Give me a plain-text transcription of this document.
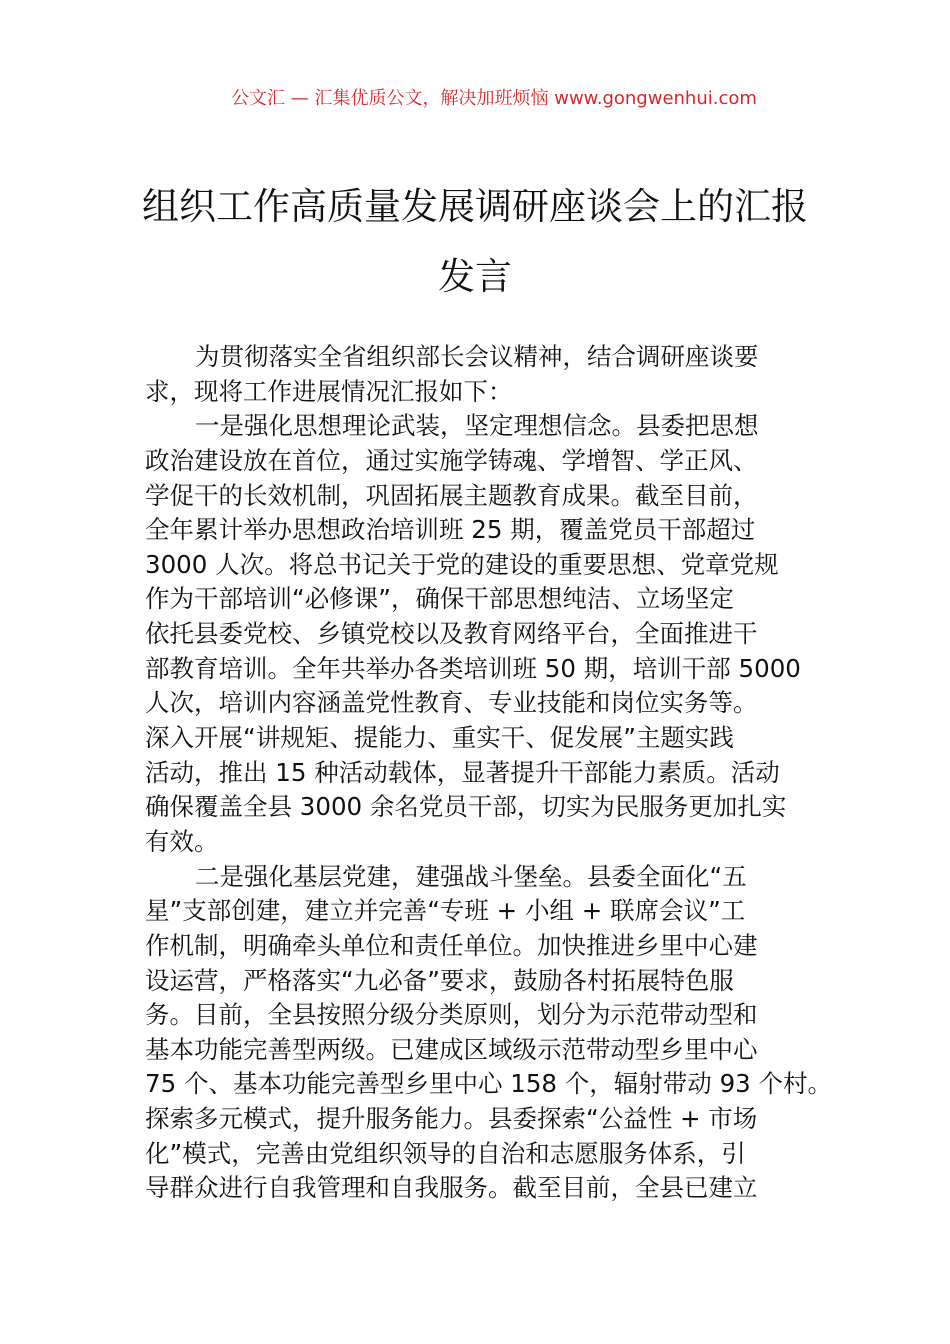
公文汇 — 汇集优质公文，解决加班烦恼 www.gongwenhui.com
组织工作高质量发展调研座谈会上的汇报
发言
为贯彻落实全省组织部长会议精神，结合调研座谈要
求，现将工作进展情况汇报如下：
一是强化思想理论武装，坚定理想信念。县委把思想
政治建设放在首位，通过实施学铸魂、学增智、学正风、
学促干的长效机制，巩固拓展主题教育成果。截至目前，
全年累计举办思想政治培训班 25 期，覆盖党员干部超过
3000 人次。将总书记关于党的建设的重要思想、党章党规
作为干部培训“必修课”，确保干部思想纯洁、立场坚定
依托县委党校、乡镇党校以及教育网络平台，全面推进干
部教育培训。全年共举办各类培训班 50 期，培训干部 5000
人次，培训内容涵盖党性教育、专业技能和岗位实务等。
深入开展“讲规矩、提能力、重实干、促发展”主题实践
活动，推出 15 种活动载体，显著提升干部能力素质。活动
确保覆盖全县 3000 余名党员干部，切实为民服务更加扎实
有效。
二是强化基层党建，建强战斗堡垒。县委全面化“五
星”支部创建，建立并完善“专班 + 小组 + 联席会议”工
作机制，明确牵头单位和责任单位。加快推进乡里中心建
设运营，严格落实“九必备”要求，鼓励各村拓展特色服
务。目前，全县按照分级分类原则，划分为示范带动型和
基本功能完善型两级。已建成区域级示范带动型乡里中心
75 个、基本功能完善型乡里中心 158 个，辐射带动 93 个村。
探索多元模式，提升服务能力。县委探索“公益性 + 市场
化”模式，完善由党组织领导的自治和志愿服务体系，引
导群众进行自我管理和自我服务。截至目前，全县已建立
